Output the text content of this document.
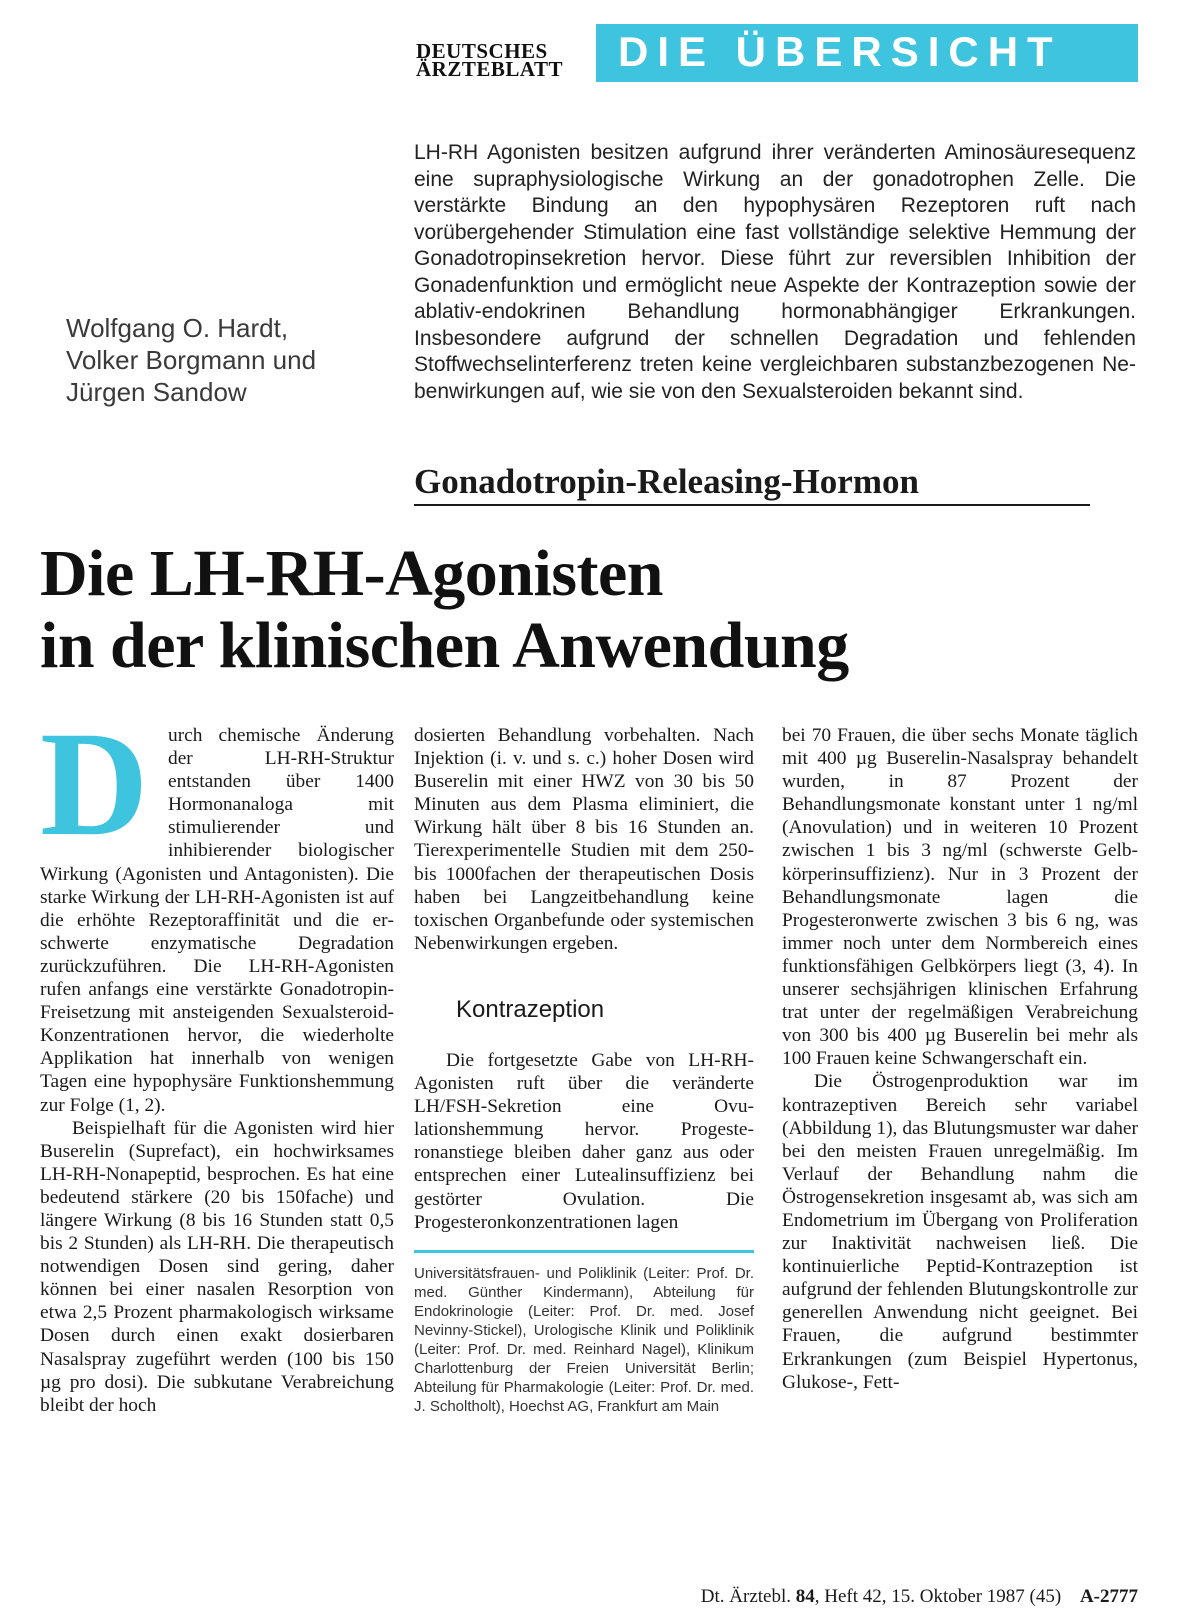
DEUTSCHES
ÄRZTEBLATT	DIE ÜBERSICHT
Wolfgang O. Hardt,
Volker Borgmann und
Jürgen Sandow
LH-RH Agonisten besitzen aufgrund ihrer veränderten Aminosäuresequenz eine supraphysiologische Wirkung an der gonadotrophen Zelle. Die verstärkte Bindung an den hypophysären Rezeptoren ruft nach vorübergehender Stimulation eine fast vollständige selektive Hemmung der Gonadotropinsekretion hervor. Diese führt zur reversiblen Inhibition der Gonadenfunktion und ermöglicht neue Aspekte der Kontrazeption sowie der ablativ-endokrinen Behandlung hormonabhängiger Erkrankungen. Insbesondere aufgrund der schnellen Degradation und fehlenden Stoffwechselinterferenz treten keine vergleichbaren substanzbezogenen Nebenwirkungen auf, wie sie von den Sexualsteroiden bekannt sind.
Gonadotropin-Releasing-Hormon
Die LH-RH-Agonisten
in der klinischen Anwendung
D	urch chemische Änderung der LH-RH-Struktur entstanden über 1400 Hormonanaloga mit stimulierender und inhibierender biologischer Wirkung (Agonisten und Antagonisten). Die starke Wirkung der LH-RH-Agonisten ist auf die erhöhte Rezeptoraffinität und die erschwerte enzymatische Degradation zurückzuführen. Die LH-RH-Agonisten rufen anfangs eine verstärkte Gonadotropin-Freisetzung mit ansteigenden Sexualsteroid-Konzentrationen hervor, die wiederholte Applikation hat innerhalb von wenigen Tagen eine hypophysäre Funktionshemmung zur Folge (1, 2).

Beispielhaft für die Agonisten wird hier Buserelin (Suprefact), ein hochwirksames LH-RH-Nonapeptid, besprochen. Es hat eine bedeutend stärkere (20 bis 150fache) und längere Wirkung (8 bis 16 Stunden statt 0,5 bis 2 Stunden) als LH-RH. Die therapeutisch notwendigen Dosen sind gering, daher können bei einer nasalen Resorption von etwa 2,5 Prozent pharmakologisch wirksame Dosen durch einen exakt dosierbaren Nasalspray zugeführt werden (100 bis 150 µg pro dosi). Die subkutane Verabreichung bleibt der hoch

dosierten Behandlung vorbehalten. Nach Injektion (i. v. und s. c.) hoher Dosen wird Buserelin mit einer HWZ von 30 bis 50 Minuten aus dem Plasma eliminiert, die Wirkung hält über 8 bis 16 Stunden an. Tierexperimentelle Studien mit dem 250- bis 1000fachen der therapeutischen Dosis haben bei Langzeitbehandlung keine toxischen Organbefunde oder systemischen Nebenwirkungen ergeben.

Kontrazeption

Die fortgesetzte Gabe von LH-RH-Agonisten ruft über die veränderte LH/FSH-Sekretion eine Ovulationshemmung hervor. Progesteronanstiege bleiben daher ganz aus oder entsprechen einer Lutealinsuffizienz bei gestörter Ovulation. Die Progesteronkonzentrationen lagen

Universitätsfrauen- und Poliklinik (Leiter: Prof. Dr. med. Günther Kindermann), Abteilung für Endokrinologie (Leiter: Prof. Dr. med. Josef Nevinny-Stickel), Urologische Klinik und Poliklinik (Leiter: Prof. Dr. med. Reinhard Nagel), Klinikum Charlottenburg der Freien Universität Berlin; Abteilung für Pharmakologie (Leiter: Prof. Dr. med. J. Scholtholt), Hoechst AG, Frankfurt am Main

bei 70 Frauen, die über sechs Monate täglich mit 400 µg Buserelin-Nasalspray behandelt wurden, in 87 Prozent der Behandlungsmonate konstant unter 1 ng/ml (Anovulation) und in weiteren 10 Prozent zwischen 1 bis 3 ng/ml (schwerste Gelbkörperinsuffizienz). Nur in 3 Prozent der Behandlungsmonate lagen die Progesteronwerte zwischen 3 bis 6 ng, was immer noch unter dem Normbereich eines funktionsfähigen Gelbkörpers liegt (3, 4). In unserer sechsjährigen klinischen Erfahrung trat unter der regelmäßigen Verabreichung von 300 bis 400 µg Buserelin bei mehr als 100 Frauen keine Schwangerschaft ein.

Die Östrogenproduktion war im kontrazeptiven Bereich sehr variabel (Abbildung 1), das Blutungsmuster war daher bei den meisten Frauen unregelmäßig. Im Verlauf der Behandlung nahm die Östrogensekretion insgesamt ab, was sich am Endometrium im Übergang von Proliferation zur Inaktivität nachweisen ließ. Die kontinuierliche Peptid-Kontrazeption ist aufgrund der fehlenden Blutungskontrolle zur generellen Anwendung nicht geeignet. Bei Frauen, die aufgrund bestimmter Erkrankungen (zum Beispiel Hypertonus, Glukose-, Fett-

Dt. Ärztebl. 84, Heft 42, 15. Oktober 1987 (45) A-2777
